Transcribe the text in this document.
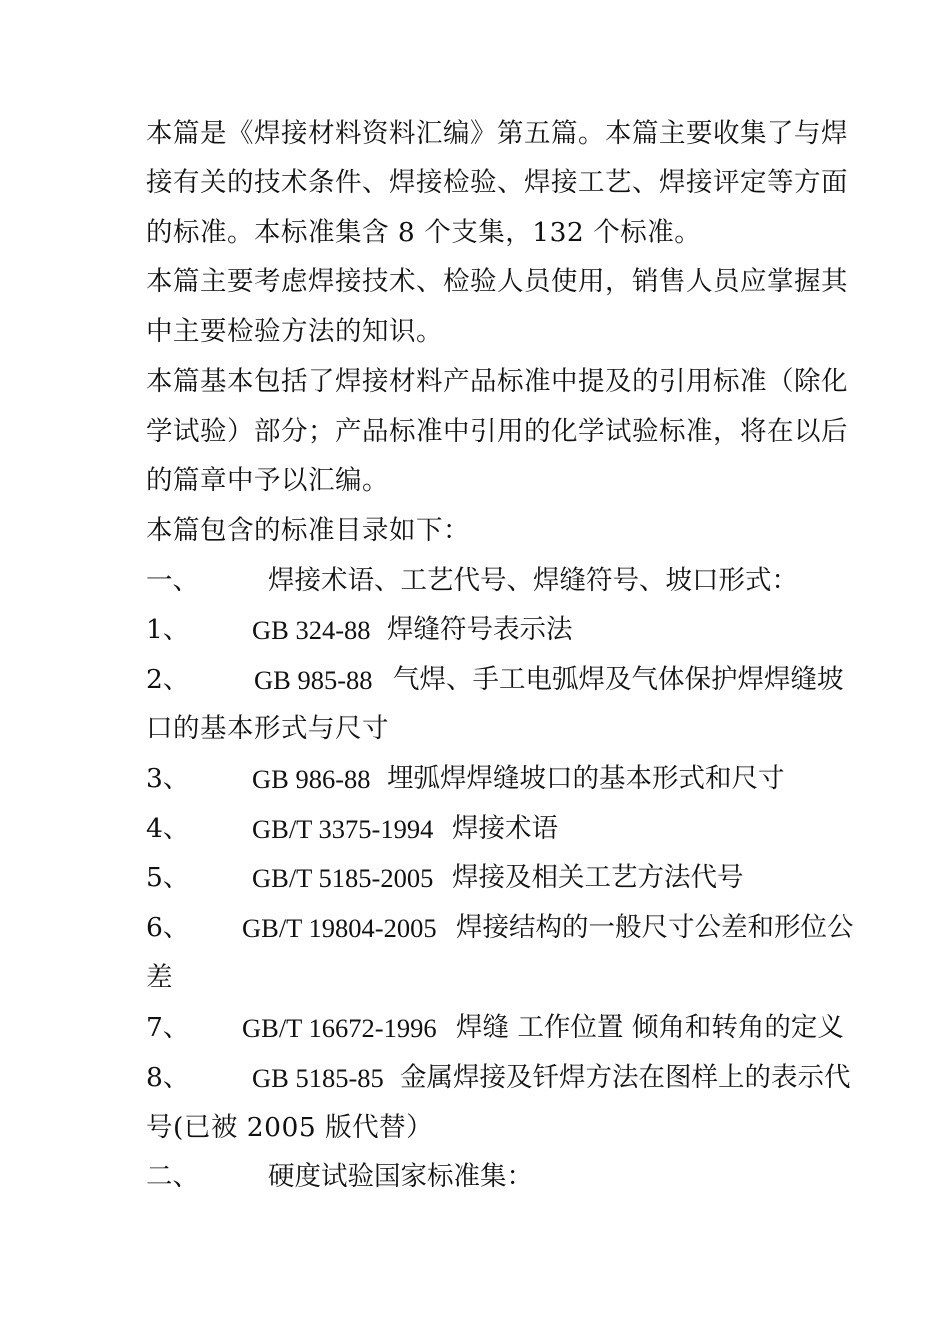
本篇是《焊接材料资料汇编》第五篇。本篇主要收集了与焊
接有关的技术条件、焊接检验、焊接工艺、焊接评定等方面
的标准。本标准集含 8 个支集，132 个标准。
本篇主要考虑焊接技术、检验人员使用，销售人员应掌握其
中主要检验方法的知识。
本篇基本包括了焊接材料产品标准中提及的引用标准（除化
学试验）部分；产品标准中引用的化学试验标准，将在以后
的篇章中予以汇编。
本篇包含的标准目录如下：
一、	焊接术语、工艺代号、焊缝符号、坡口形式：
1、 GB 324-88 焊缝符号表示法
2、 GB 985-88 气焊、手工电弧焊及气体保护焊焊缝坡
口的基本形式与尺寸
3、 GB 986-88 埋弧焊焊缝坡口的基本形式和尺寸
4、 GB/T 3375-1994 焊接术语
5、 GB/T 5185-2005 焊接及相关工艺方法代号
6、 GB/T 19804-2005 焊接结构的一般尺寸公差和形位公
差
7、 GB/T 16672-1996 焊缝 工作位置 倾角和转角的定义
8、 GB 5185-85 金属焊接及钎焊方法在图样上的表示代
号(已被 2005 版代替）
二、	硬度试验国家标准集：
